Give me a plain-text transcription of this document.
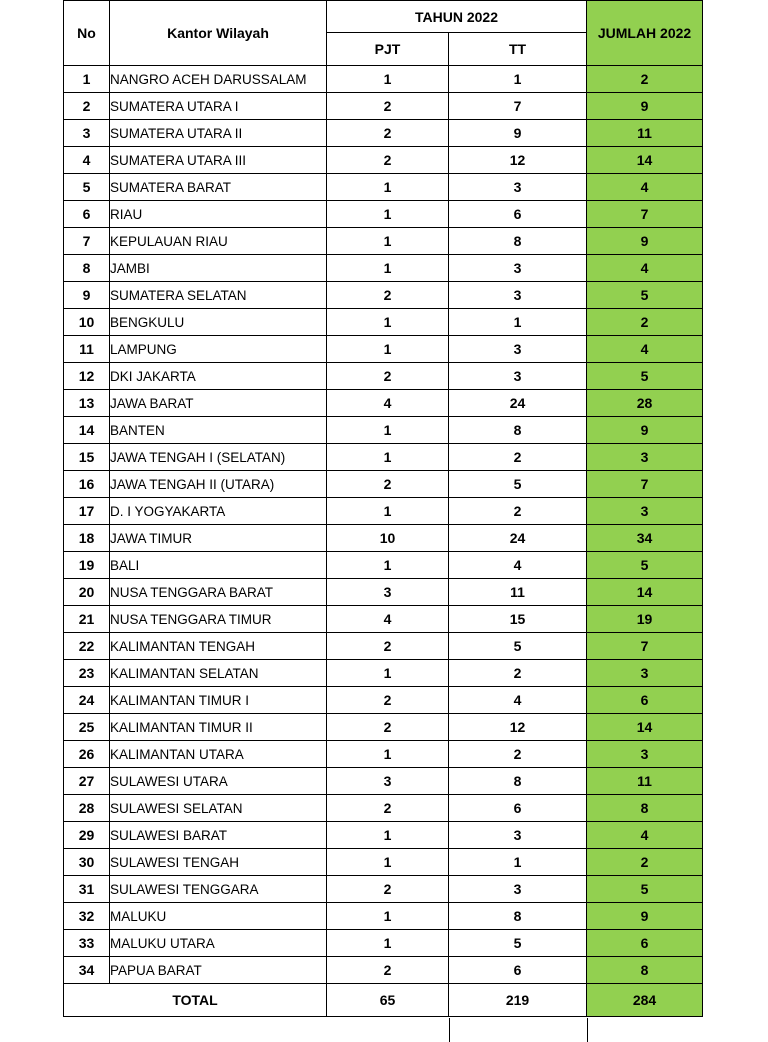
No	Kantor Wilayah	TAHUN 2022		JUMLAH 2022
		PJT	TT	
1	NANGRO ACEH DARUSSALAM	1	1	2
2	SUMATERA UTARA I	2	7	9
3	SUMATERA UTARA II	2	9	11
4	SUMATERA UTARA III	2	12	14
5	SUMATERA BARAT	1	3	4
6	RIAU	1	6	7
7	KEPULAUAN RIAU	1	8	9
8	JAMBI	1	3	4
9	SUMATERA SELATAN	2	3	5
10	BENGKULU	1	1	2
11	LAMPUNG	1	3	4
12	DKI JAKARTA	2	3	5
13	JAWA BARAT	4	24	28
14	BANTEN	1	8	9
15	JAWA TENGAH I (SELATAN)	1	2	3
16	JAWA TENGAH II (UTARA)	2	5	7
17	D. I YOGYAKARTA	1	2	3
18	JAWA TIMUR	10	24	34
19	BALI	1	4	5
20	NUSA TENGGARA BARAT	3	11	14
21	NUSA TENGGARA TIMUR	4	15	19
22	KALIMANTAN TENGAH	2	5	7
23	KALIMANTAN SELATAN	1	2	3
24	KALIMANTAN TIMUR I	2	4	6
25	KALIMANTAN TIMUR II	2	12	14
26	KALIMANTAN UTARA	1	2	3
27	SULAWESI UTARA	3	8	11
28	SULAWESI SELATAN	2	6	8
29	SULAWESI BARAT	1	3	4
30	SULAWESI TENGAH	1	1	2
31	SULAWESI TENGGARA	2	3	5
32	MALUKU	1	8	9
33	MALUKU UTARA	1	5	6
34	PAPUA BARAT	2	6	8
TOTAL		65	219	284
